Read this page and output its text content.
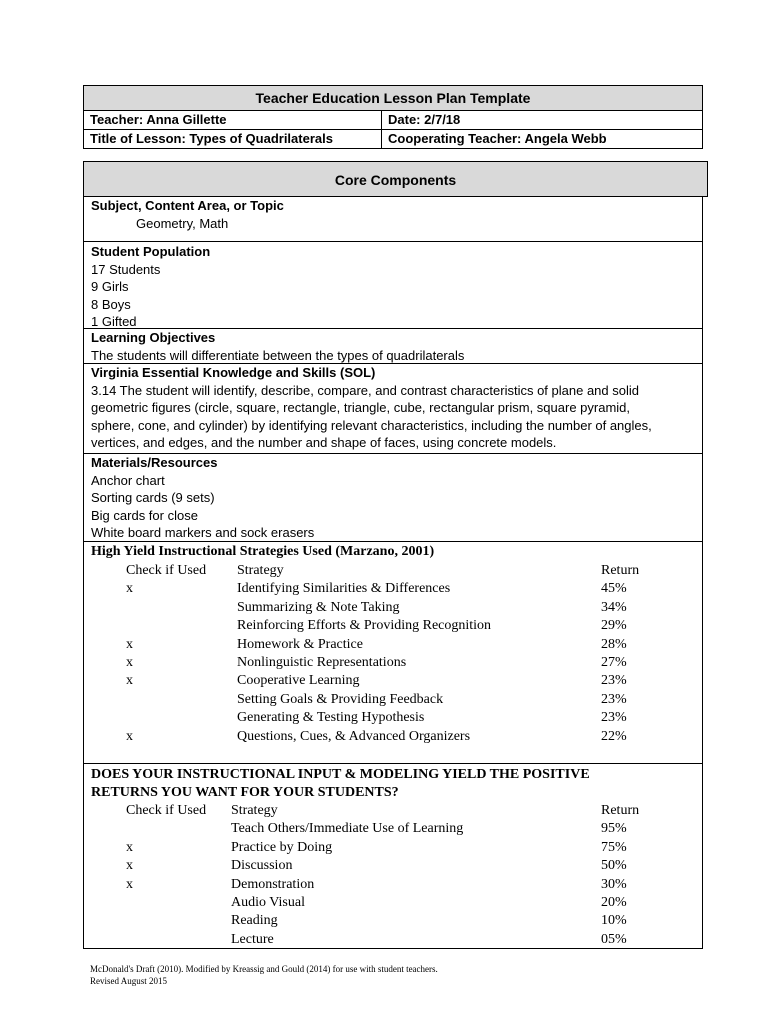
Teacher Education Lesson Plan Template
Teacher: Anna Gillette	Date: 2/7/18
Title of Lesson: Types of Quadrilaterals	Cooperating Teacher: Angela Webb
Core Components
Subject, Content Area, or Topic
Geometry, Math
Student Population
17 Students
9 Girls
8 Boys
1 Gifted
Learning Objectives
The students will differentiate between the types of quadrilaterals
Virginia Essential Knowledge and Skills (SOL)
3.14 The student will identify, describe, compare, and contrast characteristics of plane and solid
geometric figures (circle, square, rectangle, triangle, cube, rectangular prism, square pyramid,
sphere, cone, and cylinder) by identifying relevant characteristics, including the number of angles,
vertices, and edges, and the number and shape of faces, using concrete models.
Materials/Resources
Anchor chart
Sorting cards (9 sets)
Big cards for close
White board markers and sock erasers
High Yield Instructional Strategies Used (Marzano, 2001)
Check if Used Strategy	Return
x	Identifying Similarities & Differences	45%
Summarizing & Note Taking	34%
Reinforcing Efforts & Providing Recognition	29%
x	Homework & Practice	28%
x	Nonlinguistic Representations	27%
x	Cooperative Learning	23%
Setting Goals & Providing Feedback	23%
Generating & Testing Hypothesis	23%
x	Questions, Cues, & Advanced Organizers	22%
DOES YOUR INSTRUCTIONAL INPUT & MODELING YIELD THE POSITIVE
RETURNS YOU WANT FOR YOUR STUDENTS?
Check if Used Strategy	Return
Teach Others/Immediate Use of Learning	95%
x	Practice by Doing	75%
x	Discussion	50%
x	Demonstration	30%
Audio Visual	20%
Reading	10%
Lecture	05%
McDonald's Draft (2010). Modified by Kreassig and Gould (2014) for use with student teachers.
Revised August 2015
